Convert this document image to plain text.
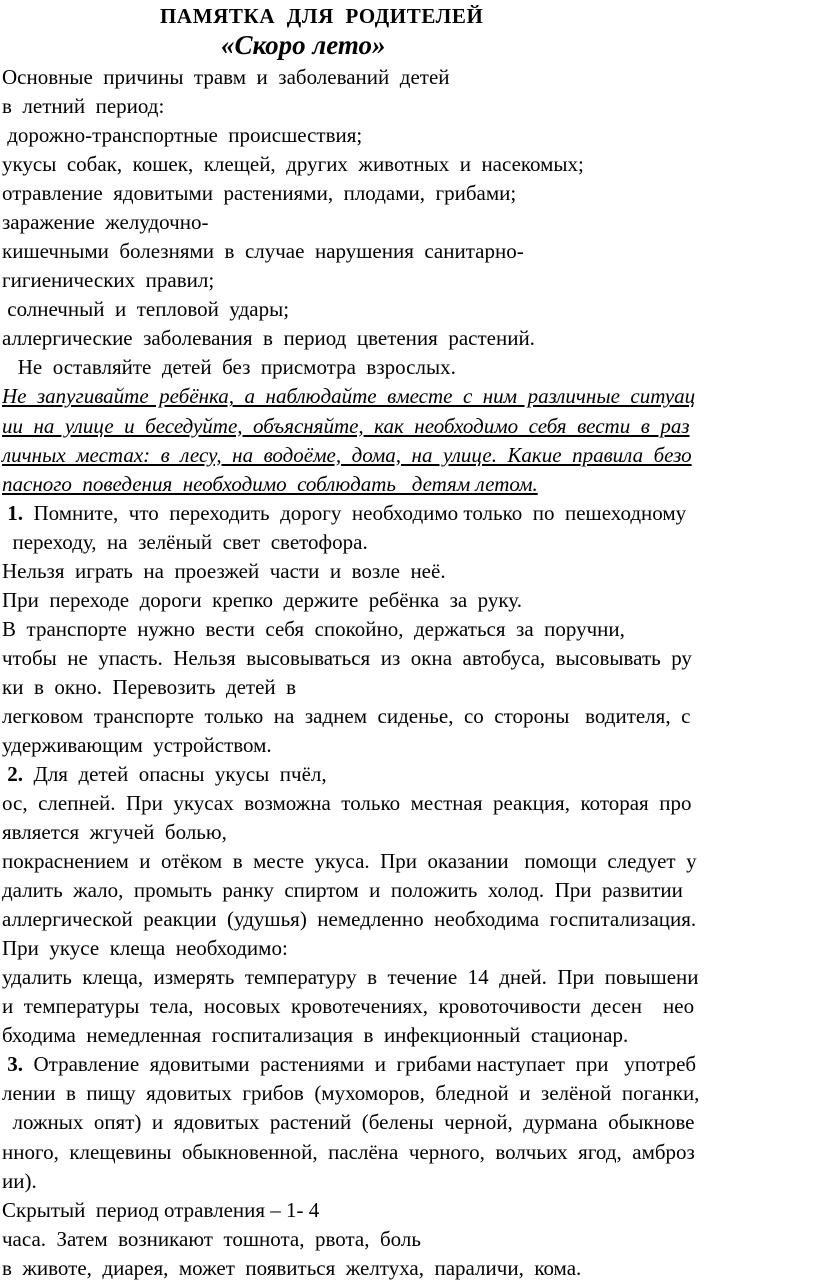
ПАМЯТКА  ДЛЯ  РОДИТЕЛЕЙ
«Скоро лето»
Основные  причины  травм  и  заболеваний  детей
в  летний  период:
дорожно-транспортные  происшествия;
укусы  собак,  кошек,  клещей,  других  животных  и  насекомых;
отравление  ядовитыми  растениями,  плодами,  грибами;
заражение  желудочно-
кишечными  болезнями  в  случае  нарушения  санитарно-
гигиенических  правил;
солнечный  и  тепловой  удары;
аллергические  заболевания  в  период  цветения  растений.
Не  оставляйте  детей  без  присмотра  взрослых.
Не  запугивайте  ребёнка,  а  наблюдайте  вместе  с  ним  различные  ситуац
ии  на  улице  и  беседуйте,  объясняйте,  как  необходимо  себя  вести  в  раз
личных  местах:  в  лесу,  на  водоёме,  дома,  на  улице.  Какие  правила  безо
пасного  поведения  необходимо  соблюдать   детям летом.
1.  Помните,  что  переходить  дорогу  необходимо только  по  пешеходному
переходу,  на  зелёный  свет  светофора.
Нельзя  играть  на  проезжей  части  и  возле  неё.
При  переходе  дороги  крепко  держите  ребёнка  за  руку.
В  транспорте  нужно  вести  себя  спокойно,  держаться  за  поручни,
чтобы  не  упасть.  Нельзя  высовываться  из  окна  автобуса,  высовывать  ру
ки  в  окно.  Перевозить  детей  в
легковом  транспорте  только  на  заднем  сиденье,  со  стороны   водителя,  с
удерживающим  устройством.
2.  Для  детей  опасны  укусы  пчёл,
ос,  слепней.  При  укусах  возможна  только  местная  реакция,  которая  про
является  жгучей  болью,
покраснением  и  отёком  в  месте  укуса.  При  оказании   помощи  следует  у
далить  жало,  промыть  ранку  спиртом  и  положить  холод.  При  развитии
аллергической  реакции  (удушья)  немедленно  необходима  госпитализация.
При  укусе  клеща  необходимо:
удалить  клеща,  измерять  температуру  в  течение  14  дней.  При  повышени
и  температуры  тела,  носовых  кровотечениях,  кровоточивости  десен    нео
бходима  немедленная  госпитализация  в  инфекционный  стационар.
3.  Отравление  ядовитыми  растениями  и  грибами наступает  при   употреб
лении  в  пищу  ядовитых  грибов  (мухоморов,  бледной  и  зелёной  поганки,
ложных  опят)  и  ядовитых  растений  (белены  черной,  дурмана  обыкнове
нного,  клещевины  обыкновенной,  паслёна  черного,  волчьих  ягод,  амброз
ии).
Скрытый  период отравления – 1- 4
часа.  Затем  возникают  тошнота,  рвота,  боль
в  животе,  диарея,  может  появиться  желтуха,  параличи,  кома.
